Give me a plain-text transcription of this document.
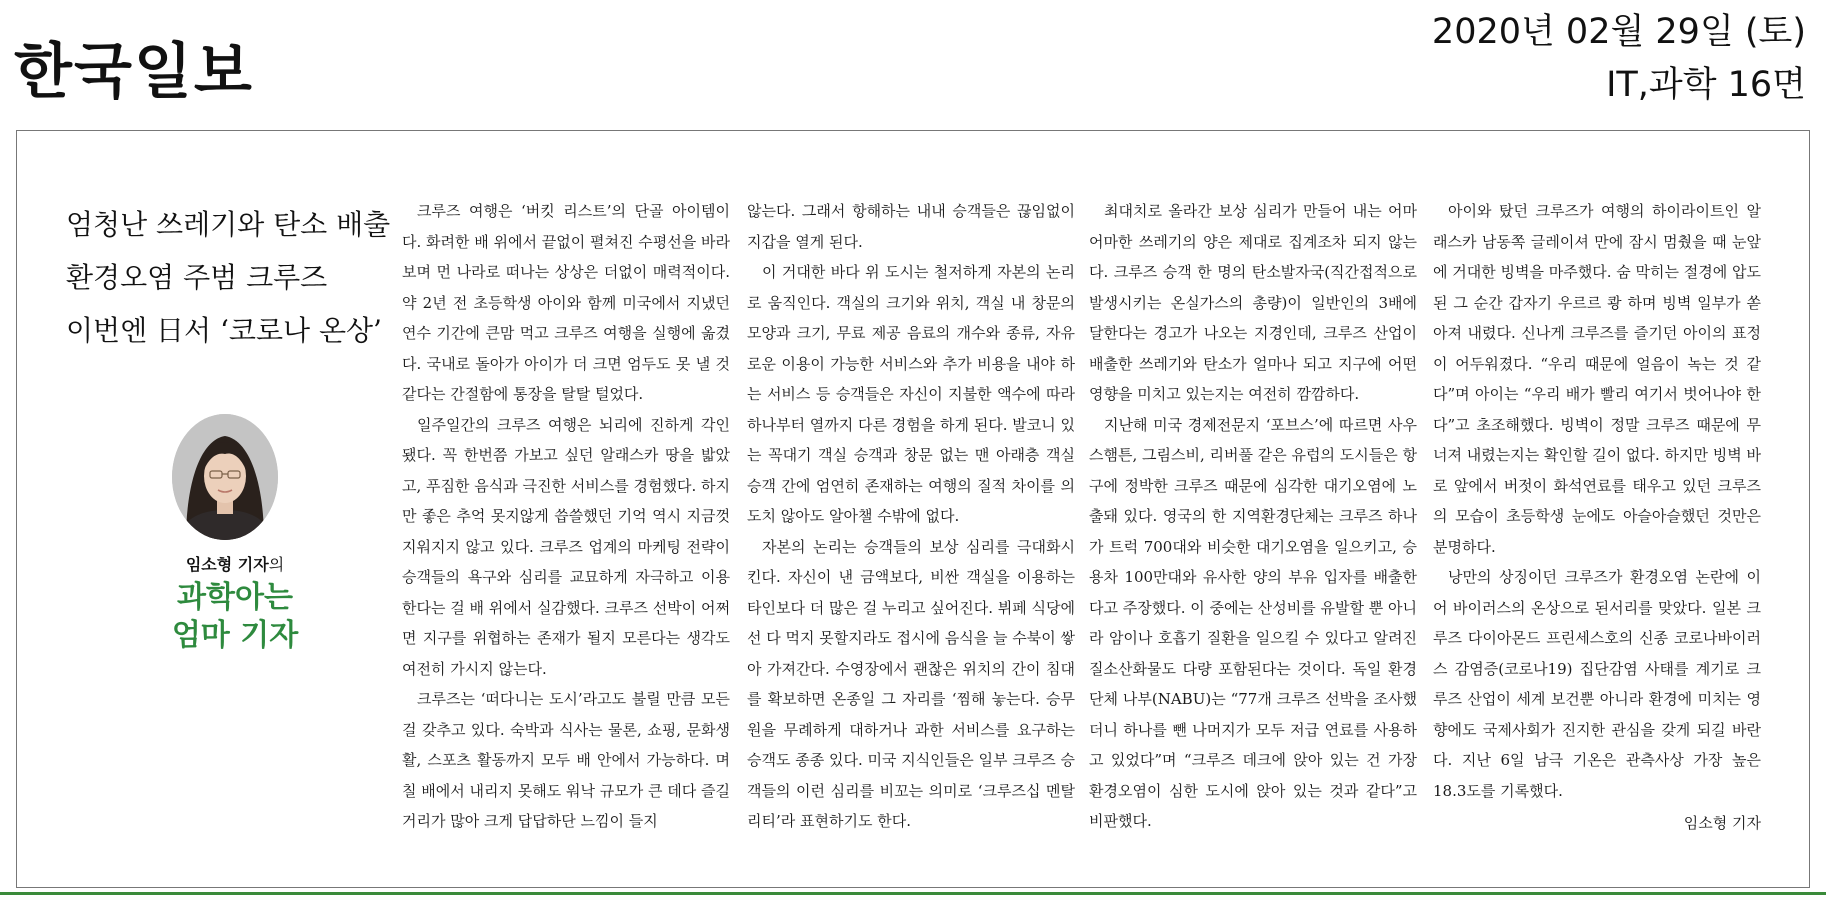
한국일보
2020년 02월 29일 (토)
IT,과학 16면
엄청난 쓰레기와 탄소 배출
환경오염 주범 크루즈
이번엔 日서 ‘코로나 온상’
임소형 기자의
과학아는
엄마 기자

크루즈 여행은 ‘버킷 리스트’의 단골 아이템이다. 화려한 배 위에서 끝없이 펼쳐진 수평선을 바라보며 먼 나라로 떠나는 상상은 더없이 매력적이다. 약 2년 전 초등학생 아이와 함께 미국에서 지냈던 연수 기간에 큰맘 먹고 크루즈 여행을 실행에 옮겼다. 국내로 돌아가 아이가 더 크면 엄두도 못 낼 것 같다는 간절함에 통장을 탈탈 털었다.

일주일간의 크루즈 여행은 뇌리에 진하게 각인됐다. 꼭 한번쯤 가보고 싶던 알래스카 땅을 밟았고, 푸짐한 음식과 극진한 서비스를 경험했다. 하지만 좋은 추억 못지않게 씁쓸했던 기억 역시 지금껏 지워지지 않고 있다. 크루즈 업계의 마케팅 전략이 승객들의 욕구와 심리를 교묘하게 자극하고 이용한다는 걸 배 위에서 실감했다. 크루즈 선박이 어쩌면 지구를 위협하는 존재가 될지 모른다는 생각도 여전히 가시지 않는다.

크루즈는 ‘떠다니는 도시’라고도 불릴 만큼 모든 걸 갖추고 있다. 숙박과 식사는 물론, 쇼핑, 문화생활, 스포츠 활동까지 모두 배 안에서 가능하다. 며칠 배에서 내리지 못해도 워낙 규모가 큰 데다 즐길 거리가 많아 크게 답답하단 느낌이 들지

않는다. 그래서 항해하는 내내 승객들은 끊임없이 지갑을 열게 된다.

이 거대한 바다 위 도시는 철저하게 자본의 논리로 움직인다. 객실의 크기와 위치, 객실 내 창문의 모양과 크기, 무료 제공 음료의 개수와 종류, 자유로운 이용이 가능한 서비스와 추가 비용을 내야 하는 서비스 등 승객들은 자신이 지불한 액수에 따라 하나부터 열까지 다른 경험을 하게 된다. 발코니 있는 꼭대기 객실 승객과 창문 없는 맨 아래층 객실 승객 간에 엄연히 존재하는 여행의 질적 차이를 의도치 않아도 알아챌 수밖에 없다.

자본의 논리는 승객들의 보상 심리를 극대화시킨다. 자신이 낸 금액보다, 비싼 객실을 이용하는 타인보다 더 많은 걸 누리고 싶어진다. 뷔페 식당에선 다 먹지 못할지라도 접시에 음식을 늘 수북이 쌓아 가져간다. 수영장에서 괜찮은 위치의 간이 침대를 확보하면 온종일 그 자리를 ‘찜해 놓는다. 승무원을 무례하게 대하거나 과한 서비스를 요구하는 승객도 종종 있다. 미국 지식인들은 일부 크루즈 승객들의 이런 심리를 비꼬는 의미로 ‘크루즈십 멘탈리티’라 표현하기도 한다.

최대치로 올라간 보상 심리가 만들어 내는 어마어마한 쓰레기의 양은 제대로 집계조차 되지 않는다. 크루즈 승객 한 명의 탄소발자국(직간접적으로 발생시키는 온실가스의 총량)이 일반인의 3배에 달한다는 경고가 나오는 지경인데, 크루즈 산업이 배출한 쓰레기와 탄소가 얼마나 되고 지구에 어떤 영향을 미치고 있는지는 여전히 깜깜하다.

지난해 미국 경제전문지 ‘포브스’에 따르면 사우스햄튼, 그림스비, 리버풀 같은 유럽의 도시들은 항구에 정박한 크루즈 때문에 심각한 대기오염에 노출돼 있다. 영국의 한 지역환경단체는 크루즈 하나가 트럭 700대와 비슷한 대기오염을 일으키고, 승용차 100만대와 유사한 양의 부유 입자를 배출한다고 주장했다. 이 중에는 산성비를 유발할 뿐 아니라 암이나 호흡기 질환을 일으킬 수 있다고 알려진 질소산화물도 다량 포함된다는 것이다. 독일 환경단체 나부(NABU)는 “77개 크루즈 선박을 조사했더니 하나를 뺀 나머지가 모두 저급 연료를 사용하고 있었다”며 “크루즈 데크에 앉아 있는 건 가장 환경오염이 심한 도시에 앉아 있는 것과 같다”고 비판했다.

아이와 탔던 크루즈가 여행의 하이라이트인 알래스카 남동쪽 글레이셔 만에 잠시 멈췄을 때 눈앞에 거대한 빙벽을 마주했다. 숨 막히는 절경에 압도된 그 순간 갑자기 우르르 쾅 하며 빙벽 일부가 쏟아져 내렸다. 신나게 크루즈를 즐기던 아이의 표정이 어두워졌다. “우리 때문에 얼음이 녹는 것 같다”며 아이는 “우리 배가 빨리 여기서 벗어나야 한다”고 초조해했다. 빙벽이 정말 크루즈 때문에 무너져 내렸는지는 확인할 길이 없다. 하지만 빙벽 바로 앞에서 버젓이 화석연료를 태우고 있던 크루즈의 모습이 초등학생 눈에도 아슬아슬했던 것만은 분명하다.

낭만의 상징이던 크루즈가 환경오염 논란에 이어 바이러스의 온상으로 된서리를 맞았다. 일본 크루즈 다이아몬드 프린세스호의 신종 코로나바이러스 감염증(코로나19) 집단감염 사태를 계기로 크루즈 산업이 세계 보건뿐 아니라 환경에 미치는 영향에도 국제사회가 진지한 관심을 갖게 되길 바란다. 지난 6일 남극 기온은 관측사상 가장 높은 18.3도를 기록했다.

임소형 기자
